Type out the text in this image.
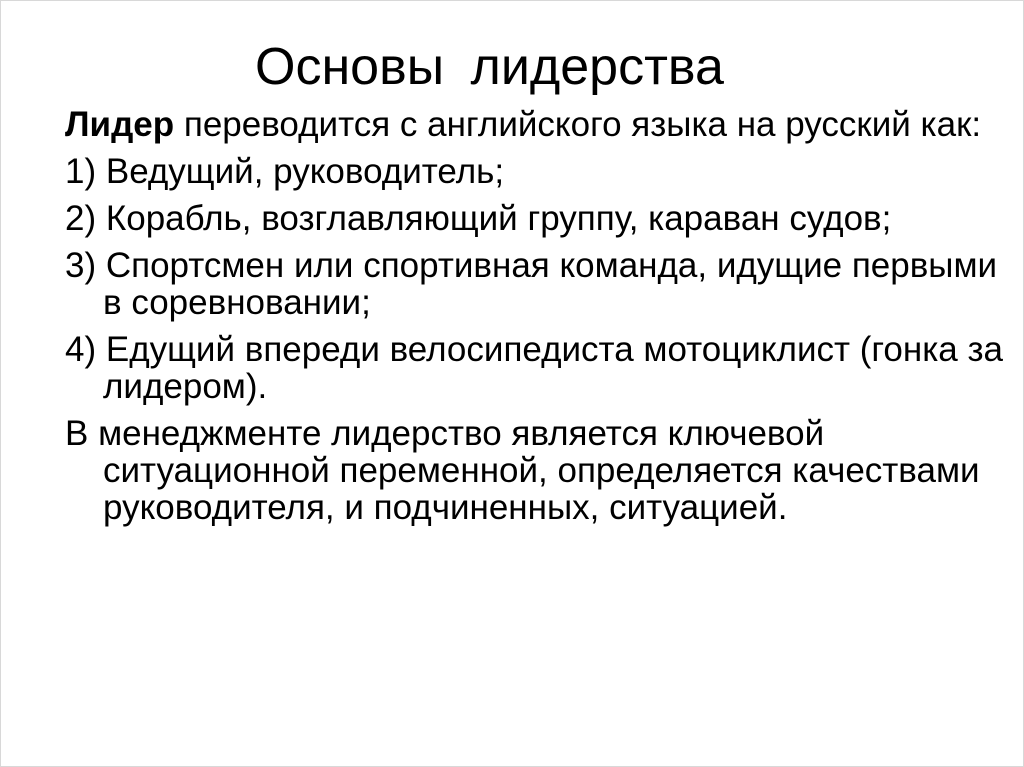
Основы лидерства

Лидер переводится с английского языка на русский как:

1) Ведущий, руководитель;

2) Корабль, возглавляющий группу, караван судов;

3) Спортсмен или спортивная команда, идущие первыми в соревновании;

4) Едущий впереди велосипедиста мотоциклист (гонка за лидером).

В менеджменте лидерство является ключевой ситуационной переменной, определяется качествами руководителя, и подчиненных, ситуацией.
